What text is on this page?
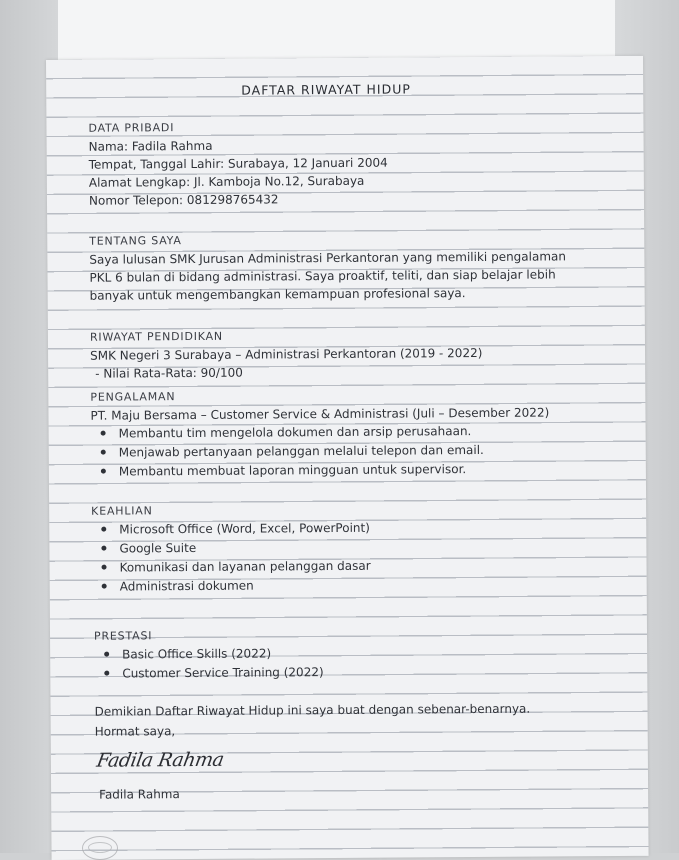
DAFTAR RIWAYAT HIDUP
DATA PRIBADI
Nama: Fadila Rahma
Tempat, Tanggal Lahir: Surabaya, 12 Januari 2004
Alamat Lengkap: Jl. Kamboja No.12, Surabaya
Nomor Telepon: 081298765432
TENTANG SAYA
Saya lulusan SMK Jurusan Administrasi Perkantoran yang memiliki pengalaman
PKL 6 bulan di bidang administrasi. Saya proaktif, teliti, dan siap belajar lebih
banyak untuk mengembangkan kemampuan profesional saya.
RIWAYAT PENDIDIKAN
SMK Negeri 3 Surabaya – Administrasi Perkantoran (2019 - 2022)
- Nilai Rata-Rata: 90/100
PENGALAMAN
PT. Maju Bersama – Customer Service & Administrasi (Juli – Desember 2022)
Membantu tim mengelola dokumen dan arsip perusahaan.
Menjawab pertanyaan pelanggan melalui telepon dan email.
Membantu membuat laporan mingguan untuk supervisor.
KEAHLIAN
Microsoft Office (Word, Excel, PowerPoint)
Google Suite
Komunikasi dan layanan pelanggan dasar
Administrasi dokumen
PRESTASI
Basic Office Skills (2022)
Customer Service Training (2022)
Demikian Daftar Riwayat Hidup ini saya buat dengan sebenar-benarnya.
Hormat saya,
Fadila Rahma
Fadila Rahma
